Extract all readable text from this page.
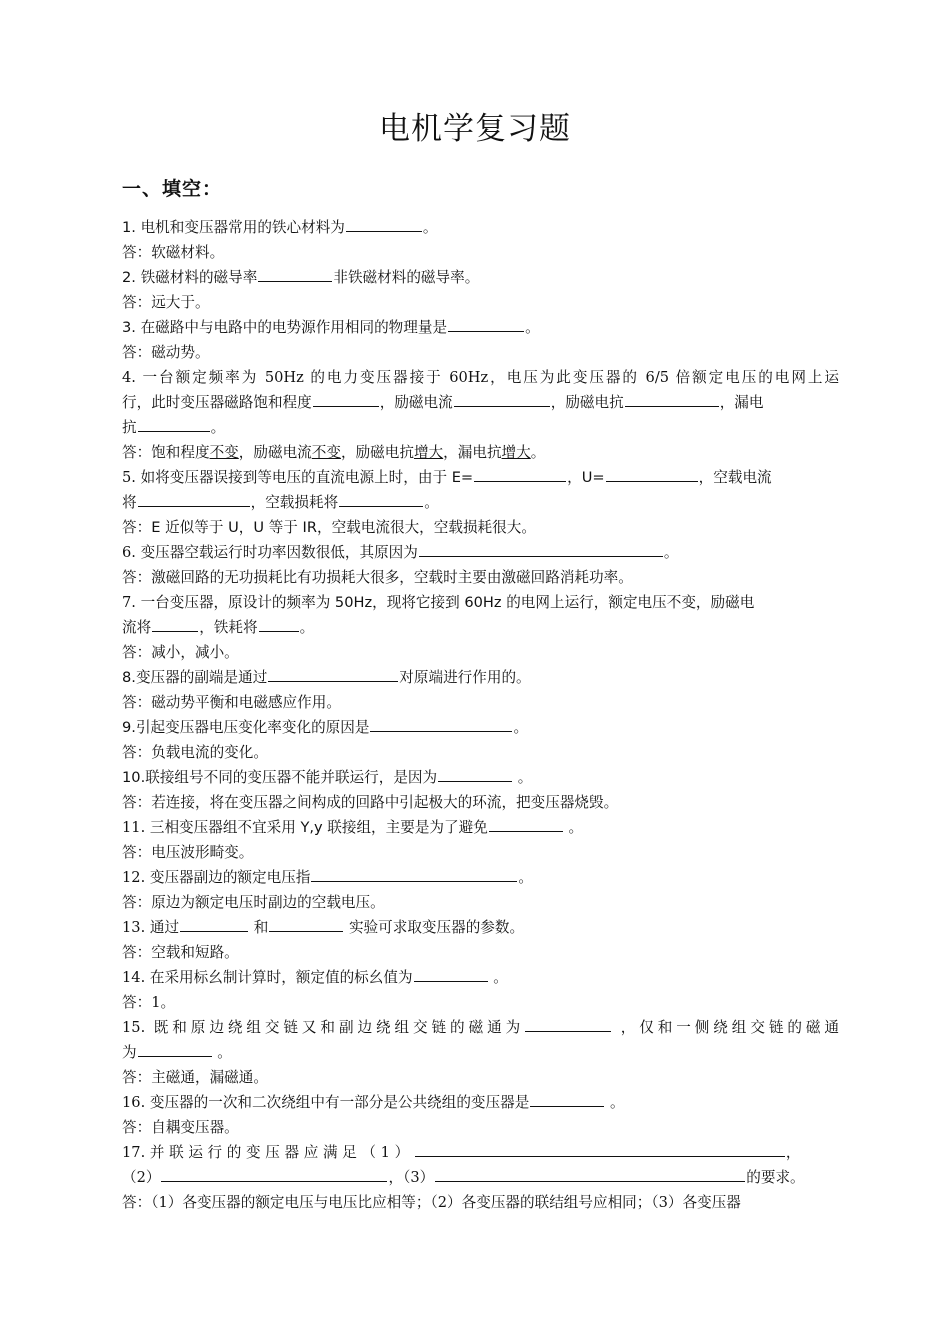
电机学复习题
一、填空：
1. 电机和变压器常用的铁心材料为	。
答：软磁材料。
2. 铁磁材料的磁导率	非铁磁材料的磁导率。
答：远大于。
3. 在磁路中与电路中的电势源作用相同的物理量是	。
答：磁动势。
4. 一台额定频率为 50Hz 的电力变压器接于 60Hz，电压为此变压器的 6/5 倍额定电压的电网上运
行，此时变压器磁路饱和程度	，励磁电流	，励磁电抗	，漏电
抗	。
答：饱和程度不变，励磁电流不变，励磁电抗增大，漏电抗增大。
5. 如将变压器误接到等电压的直流电源上时，由于 E=	，U=	，空载电流
将	，空载损耗将	。
答：E 近似等于 U，U 等于 IR，空载电流很大，空载损耗很大。
6. 变压器空载运行时功率因数很低，其原因为	。
答：激磁回路的无功损耗比有功损耗大很多，空载时主要由激磁回路消耗功率。
7. 一台变压器，原设计的频率为 50Hz，现将它接到 60Hz 的电网上运行，额定电压不变，励磁电
流将	，铁耗将	。
答：减小，减小。
8.变压器的副端是通过	对原端进行作用的。
答：磁动势平衡和电磁感应作用。
9.引起变压器电压变化率变化的原因是	。
答：负载电流的变化。
10.联接组号不同的变压器不能并联运行，是因为	。
答：若连接，将在变压器之间构成的回路中引起极大的环流，把变压器烧毁。
11. 三相变压器组不宜采用 Y,y 联接组，主要是为了避免	。
答：电压波形畸变。
12. 变压器副边的额定电压指	。
答：原边为额定电压时副边的空载电压。
13. 通过	和	实验可求取变压器的参数。
答：空载和短路。
14. 在采用标幺制计算时，额定值的标幺值为	。
答：1。
15. 既和原边绕组交链又和副边绕组交链的磁通为	，仅和一侧绕组交链的磁通
为	。
答：主磁通，漏磁通。
16. 变压器的一次和二次绕组中有一部分是公共绕组的变压器是	。
答：自耦变压器。
17. 并 联 运 行 的 变 压 器 应 满 足 （ 1 ）	，
（2）	，（3）	的要求。
答：（1）各变压器的额定电压与电压比应相等；（2）各变压器的联结组号应相同；（3）各变压器
